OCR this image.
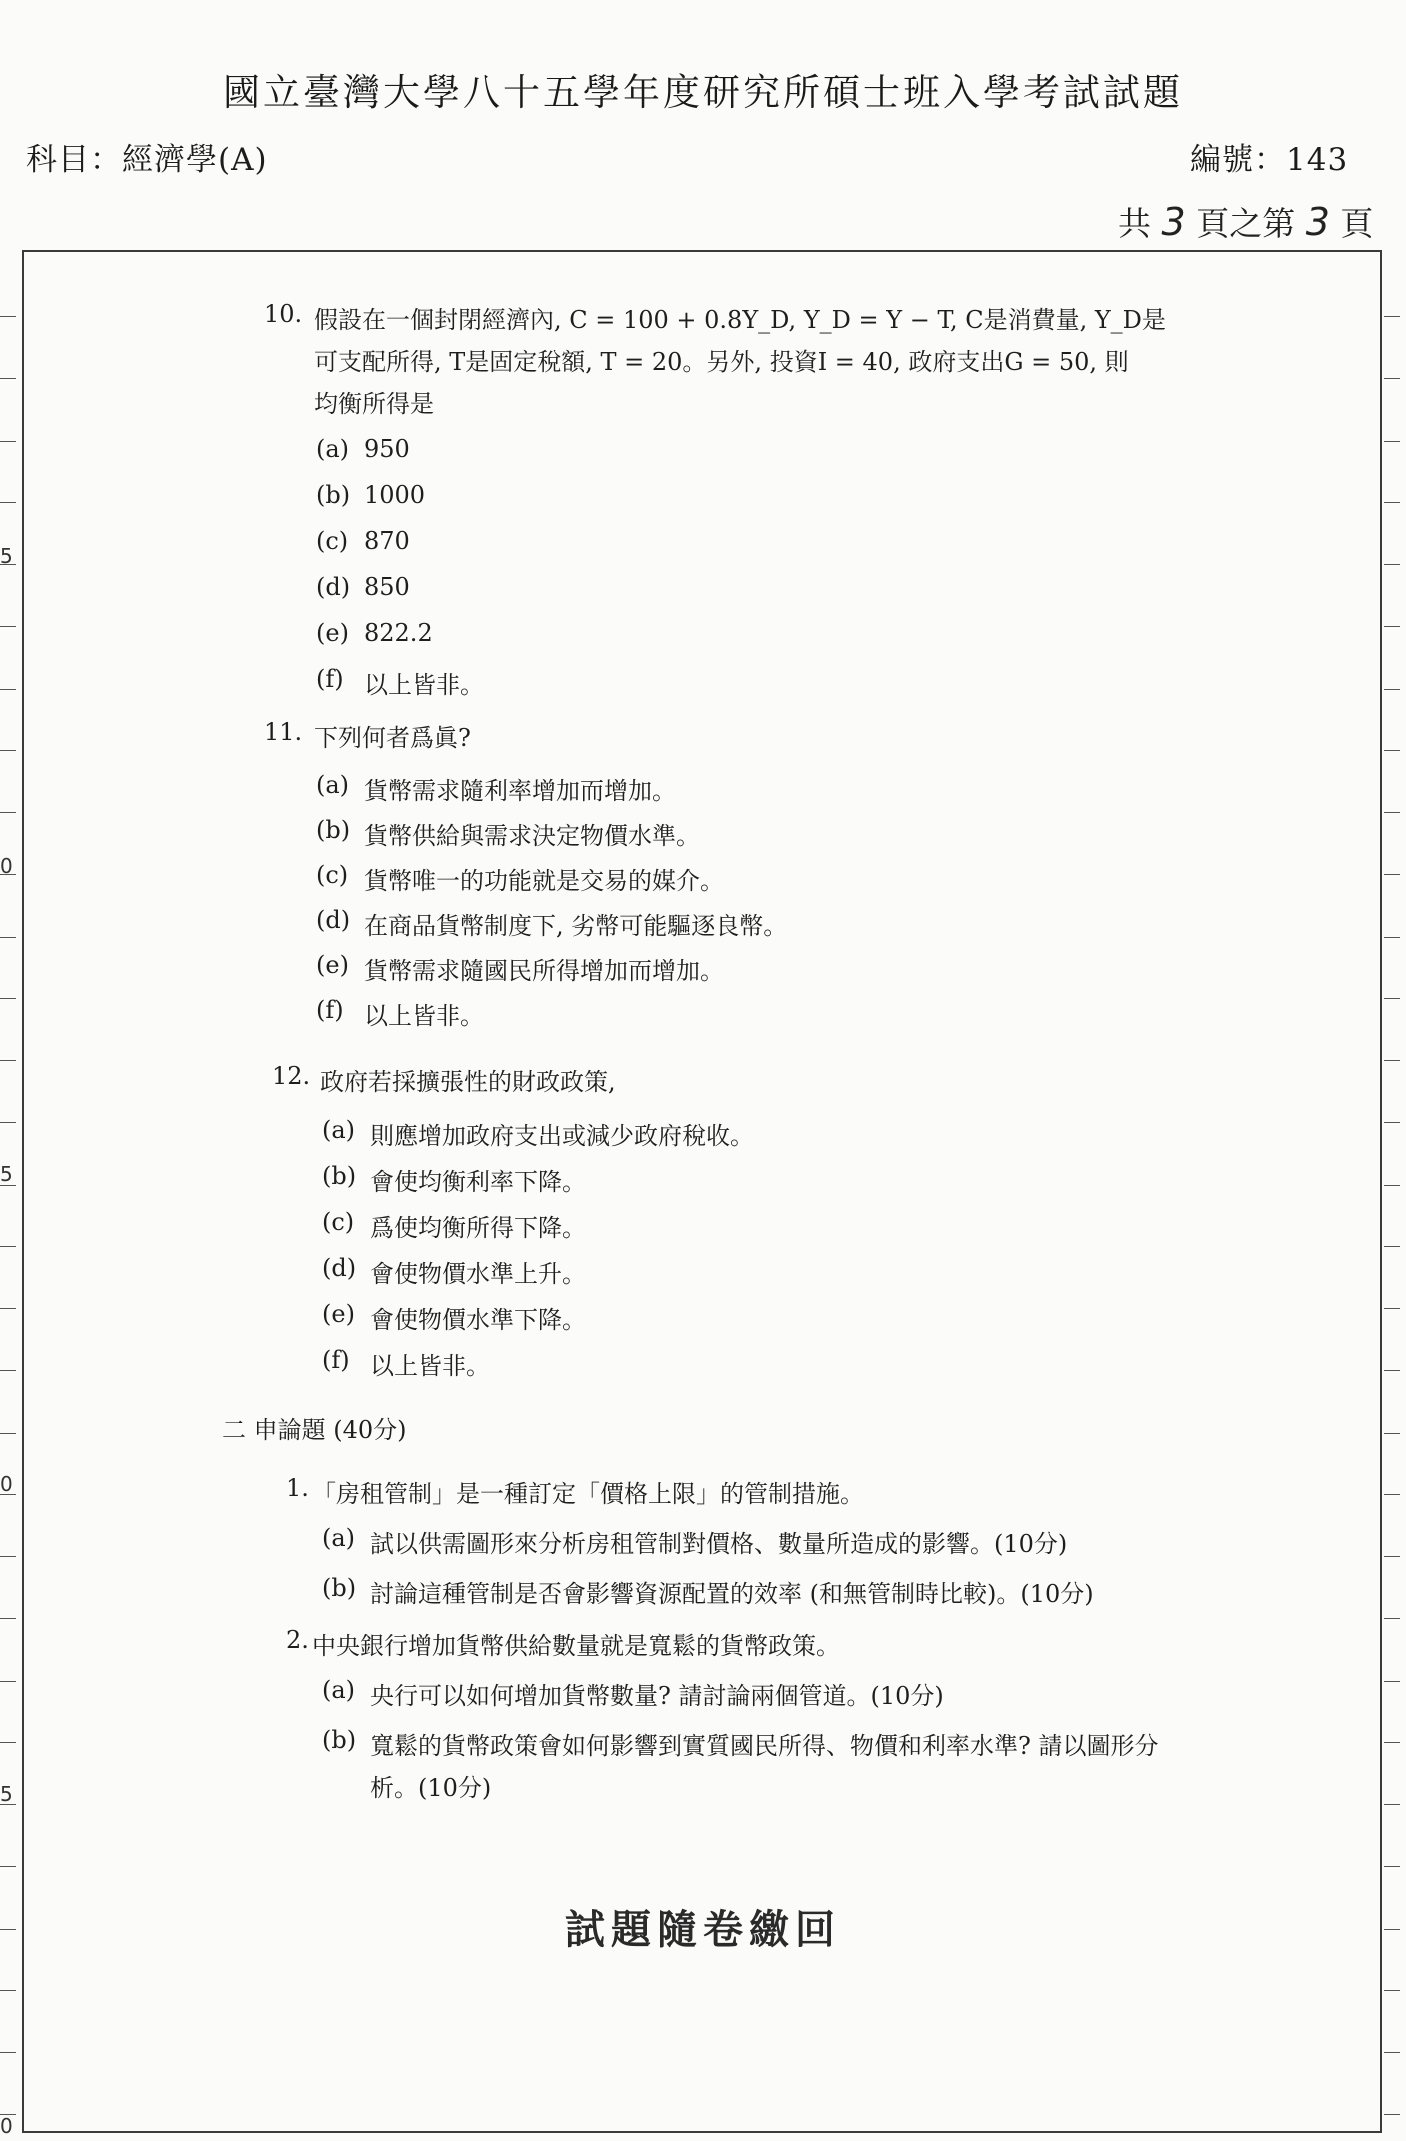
國立臺灣大學八十五學年度研究所碩士班入學考試試題
科目：經濟學(A)	編號：143
共 3 頁之第 3 頁
5
0
5
0
5
0
10. 假設在一個封閉經濟內, C = 100 + 0.8Y_D, Y_D = Y − T, C是消費量, Y_D是
可支配所得, T是固定稅額, T = 20。另外, 投資I = 40, 政府支出G = 50, 則
均衡所得是
(a) 950
(b) 1000
(c) 870
(d) 850
(e) 822.2
(f) 以上皆非。
11. 下列何者爲眞?
(a) 貨幣需求隨利率增加而增加。
(b) 貨幣供給與需求決定物價水準。
(c) 貨幣唯一的功能就是交易的媒介。
(d) 在商品貨幣制度下, 劣幣可能驅逐良幣。
(e) 貨幣需求隨國民所得增加而增加。
(f) 以上皆非。
12. 政府若採擴張性的財政政策,
(a) 則應增加政府支出或減少政府稅收。
(b) 會使均衡利率下降。
(c) 爲使均衡所得下降。
(d) 會使物價水準上升。
(e) 會使物價水準下降。
(f) 以上皆非。
二 申論題 (40分)
1. 「房租管制」是一種訂定「價格上限」的管制措施。
(a) 試以供需圖形來分析房租管制對價格、數量所造成的影響。(10分)
(b) 討論這種管制是否會影響資源配置的效率 (和無管制時比較)。(10分)
2. 中央銀行增加貨幣供給數量就是寬鬆的貨幣政策。
(a) 央行可以如何增加貨幣數量? 請討論兩個管道。(10分)
(b) 寬鬆的貨幣政策會如何影響到實質國民所得、物價和利率水準? 請以圖形分
析。(10分)
試題隨卷繳回
